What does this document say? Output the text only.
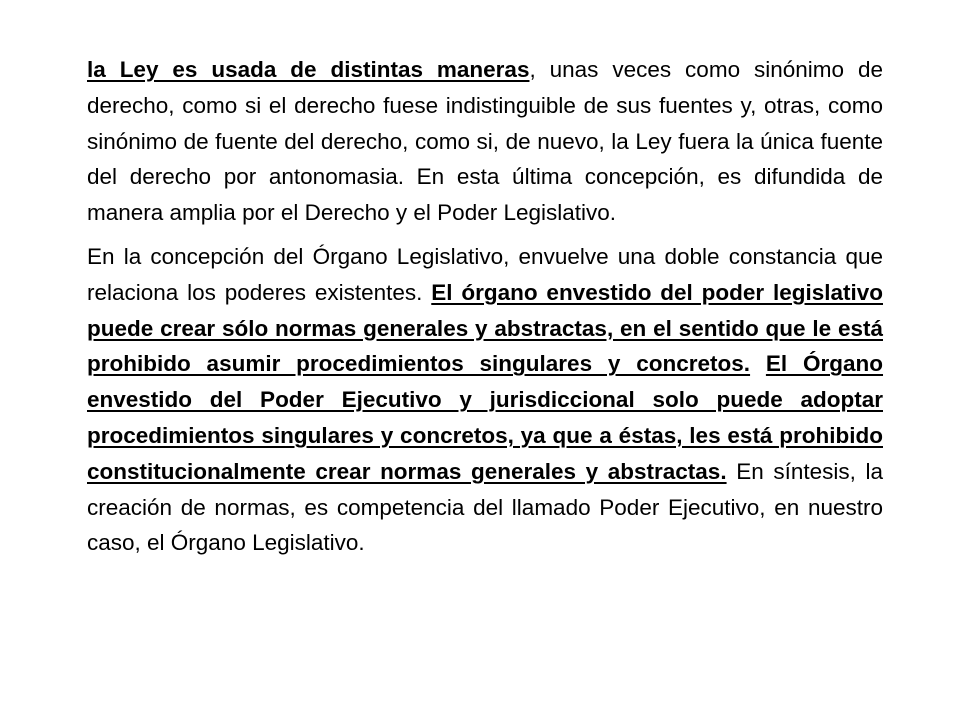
la Ley es usada de distintas maneras, unas veces como sinónimo de derecho, como si el derecho fuese indistinguible de sus fuentes y, otras, como sinónimo de fuente del derecho, como si, de nuevo, la Ley fuera la única fuente del derecho por antonomasia. En esta última concepción, es difundida de manera amplia por el Derecho y el Poder Legislativo.

En la concepción del Órgano Legislativo, envuelve una doble constancia que relaciona los poderes existentes. El órgano envestido del poder legislativo puede crear sólo normas generales y abstractas, en el sentido que le está prohibido asumir procedimientos singulares y concretos. El Órgano envestido del Poder Ejecutivo y jurisdiccional solo puede adoptar procedimientos singulares y concretos, ya que a éstas, les está prohibido constitucionalmente crear normas generales y abstractas. En síntesis, la creación de normas, es competencia del llamado Poder Ejecutivo, en nuestro caso, el Órgano Legislativo.
